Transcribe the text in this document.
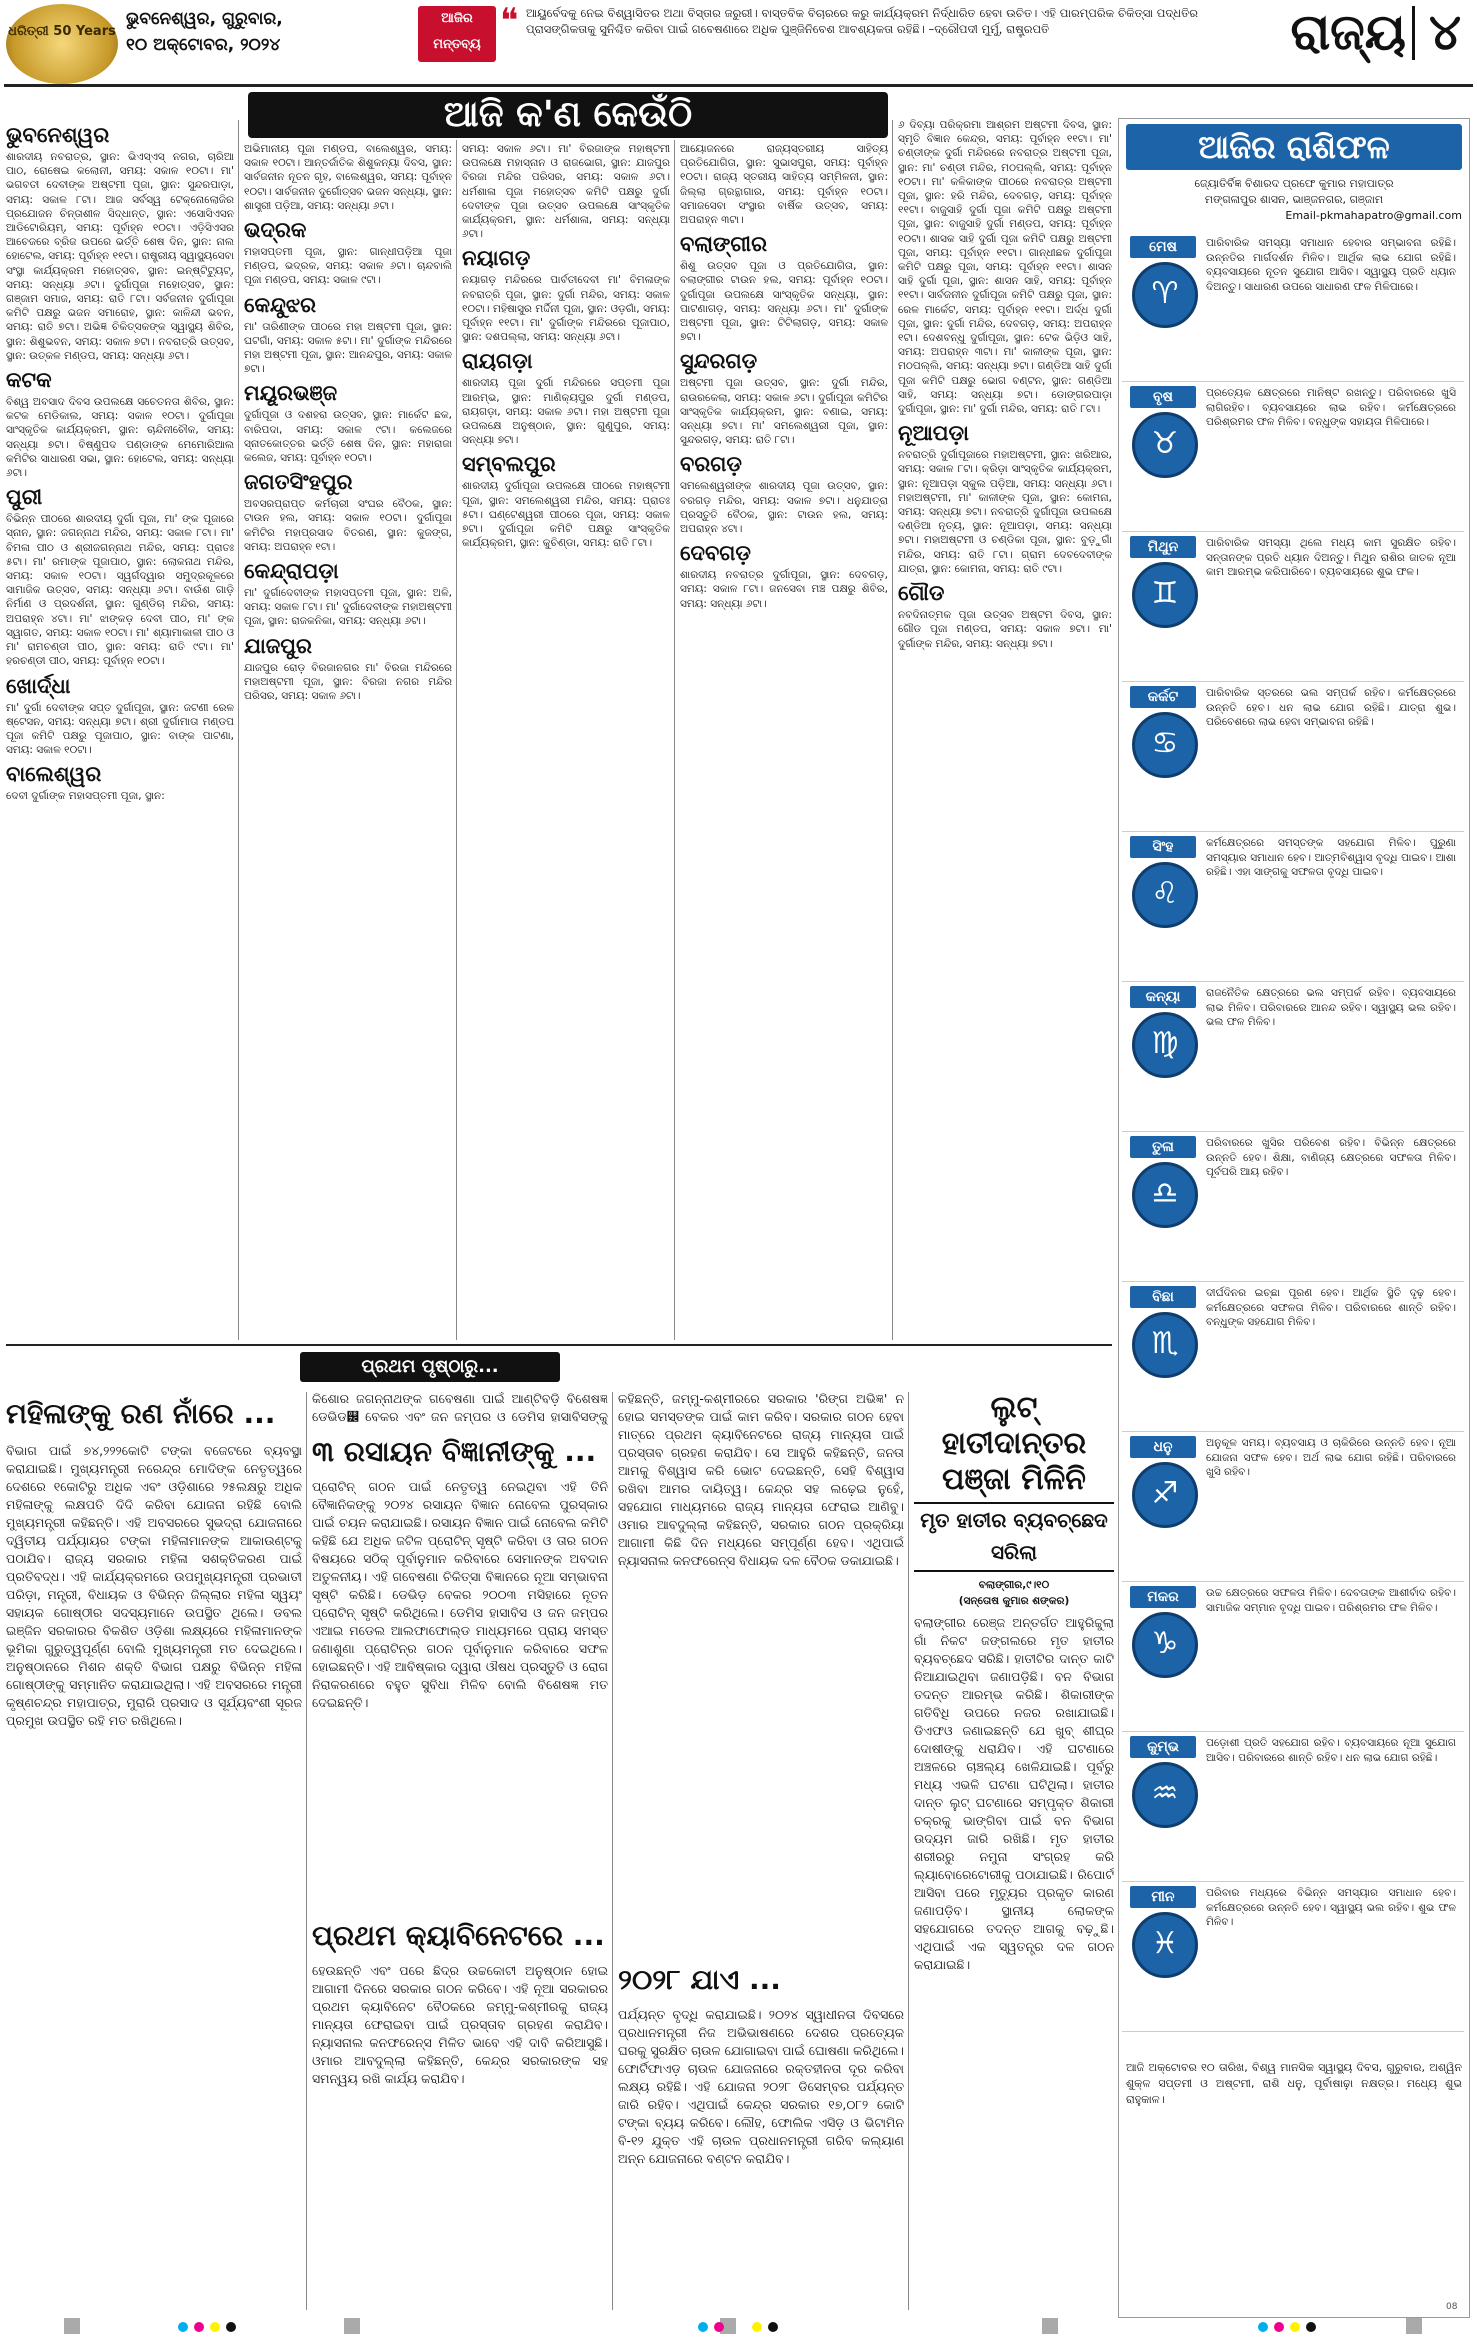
ଧରିତ୍ରୀ 50 Years
ଭୁବନେଶ୍ୱର, ଗୁରୁବାର,
୧୦ ଅକ୍ଟୋବର, ୨୦୨୪
ଆଜିର ମନ୍ତବ୍ୟ
❝ ଆୟୁର୍ବେଦକୁ ନେଇ ବିଶ୍ୱାସିତର ଅଥା ବିସ୍ତାର ଜରୁରୀ। ବାସ୍ତବିକ ବିଚାରରେ କରୁ କାର୍ଯ୍ୟକ୍ରମ ନିର୍ଦ୍ଧାରିତ ହେବା ଉଚିତ। ଏହି ପାରମ୍ପରିକ ଚିକିତ୍ସା ପଦ୍ଧତିର ପ୍ରାସଙ୍ଗିକତାକୁ ସୁନିଶ୍ଚିତ କରିବା ପାଇଁ ଗବେଷଣାରେ ଅଧିକ ପୁଞ୍ଜିନିବେଶ ଆବଶ୍ୟକତା ରହିଛି। –ଦ୍ରୌପଦୀ ମୁର୍ମୁ, ରାଷ୍ଟ୍ରପତି	ରାଜ୍ୟ ୪
ଆଜି କ'ଣ କେଉଁଠି
ଭୁବନେଶ୍ୱର

ଶାରଦୀୟ ନବରାତ୍ର, ସ୍ଥାନ: ଭିଏସ୍ଏସ୍ ନଗର, ଚାରିଆ ପାଠ, ରୋଷେଇ କଲୋନୀ, ସମୟ: ସକାଳ ୧୦ଟା। ମା' ଭଗବତୀ ଦେବୀଙ୍କ ଅଷ୍ଟମୀ ପୂଜା, ସ୍ଥାନ: ସୁନ୍ଦରପାଡ଼ା, ସମୟ: ସକାଳ ୮ଟା। ଆଜ ସର୍ବସ୍ୱ ଟେକ୍ନୋଲୋଜିର ପ୍ରଯୋଜନ ଚିନ୍ତାଶୀଳ ସିଦ୍ଧାନ୍ତ, ସ୍ଥାନ: ଏସୋସିଏସନ ଆଡିଟୋରିୟମ୍, ସମୟ: ପୂର୍ବାହ୍ନ ୧୦ଟା। ଏଡ଼ିସିଏସର ଆଚେଜରେ ବ୍ରିଜ ଉପରେ ଭର୍ତ୍ତି ଶେଷ ଦିନ, ସ୍ଥାନ: ନାଲ ହୋଟେଲ, ସମୟ: ପୂର୍ବାହ୍ନ ୧୧ଟା। ରାଷ୍ଟ୍ରୀୟ ସ୍ୱାସ୍ଥ୍ୟସେବା ସଂସ୍ଥା କାର୍ଯ୍ୟକ୍ରମ ମହୋତ୍ସବ, ସ୍ଥାନ: ଇନ୍ଷ୍ଟିଟ୍ୟୁଟ୍, ସମୟ: ସନ୍ଧ୍ୟା ୬ଟା। ଦୁର୍ଗାପୂଜା ମହୋତ୍ସବ, ସ୍ଥାନ: ଗଞ୍ଜାମ ସମାଜ, ସମୟ: ରାତି ୮ଟା। ସର୍ବଜନୀନ ଦୁର୍ଗାପୂଜା କମିଟି ପକ୍ଷରୁ ଭଜନ ସମାରୋହ, ସ୍ଥାନ: କାଳିନ୍ଦୀ ଭବନ, ସମୟ: ରାତି ୭ଟା। ଅଭିଜ୍ଞ ଚିକିତ୍ସକଙ୍କ ସ୍ୱାସ୍ଥ୍ୟ ଶିବିର, ସ୍ଥାନ: ଶିଶୁଭବନ, ସମୟ: ସକାଳ ୭ଟା। ନବରାତ୍ରି ଉତ୍ସବ, ସ୍ଥାନ: ଉତ୍କଳ ମଣ୍ଡପ, ସମୟ: ସନ୍ଧ୍ୟା ୬ଟା।

କଟକ

ବିଶ୍ୱ ଅବସାଦ ଦିବସ ଉପଲକ୍ଷେ ସଚେତନତା ଶିବିର, ସ୍ଥାନ: କଟକ ମେଡିକାଲ, ସମୟ: ସକାଳ ୧୦ଟା। ଦୁର୍ଗାପୂଜା ସାଂସ୍କୃତିକ କାର୍ଯ୍ୟକ୍ରମ, ସ୍ଥାନ: ଚାନ୍ଦିନୀଚୌକ, ସମୟ: ସନ୍ଧ୍ୟା ୭ଟା। ବିଷ୍ଣୁପଦ ପଣ୍ଡାଙ୍କ ମେମୋରିଆଲ କମିଟିର ସାଧାରଣ ସଭା, ସ୍ଥାନ: ହୋଟେଲ, ସମୟ: ସନ୍ଧ୍ୟା ୬ଟା।

ପୁରୀ

ବିଭିନ୍ନ ପୀଠରେ ଶାରଦୀୟ ଦୁର୍ଗା ପୂଜା, ମା' ଙ୍କ ପୂଜାରେ ସ୍ନାନ, ସ୍ଥାନ: ଜଗନ୍ନାଥ ମନ୍ଦିର, ସମୟ: ସକାଳ ୮ଟା। ମା' ବିମଳା ପୀଠ ଓ ଶ୍ରୀଜଗନ୍ନାଥ ମନ୍ଦିର, ସମୟ: ପ୍ରାତଃ ୫ଟା। ମା' ରମାଙ୍କ ପୂଜାପାଠ, ସ୍ଥାନ: ଲୋକନାଥ ମନ୍ଦିର, ସମୟ: ସକାଳ ୧୦ଟା। ସ୍ୱର୍ଗଦ୍ୱାର ସମୁଦ୍ରକୂଳରେ ସାମାଜିକ ଉତ୍ସବ, ସମୟ: ସନ୍ଧ୍ୟା ୬ଟା। ବାଉଁଶ ଗାଡ଼ି ନିର୍ମାଣ ଓ ପ୍ରଦର୍ଶନୀ, ସ୍ଥାନ: ଗୁଣ୍ଡିଚା ମନ୍ଦିର, ସମୟ: ଅପରାହ୍ନ ୪ଟା। ମା' ଝାଙ୍କଡ଼ ଦେବୀ ପୀଠ, ମା' ଙ୍କ ସ୍ୱାଗତ, ସମୟ: ସକାଳ ୧୦ଟା। ମା' ଶ୍ୟାମାକାଳୀ ପୀଠ ଓ ମା' ରାମଚଣ୍ଡୀ ପୀଠ, ସ୍ଥାନ: ସମୟ: ରାତି ୯ଟା। ମା' ହରଚଣ୍ଡୀ ପୀଠ, ସମୟ: ପୂର୍ବାହ୍ନ ୧୦ଟା।

ଖୋର୍ଦ୍ଧା

ମା' ଦୁର୍ଗା ଦେବୀଙ୍କ ସପ୍ତ ଦୁର୍ଗାପୂଜା, ସ୍ଥାନ: ଜଟଣୀ ରେଳ ଷ୍ଟେସନ, ସମୟ: ସନ୍ଧ୍ୟା ୭ଟା। ଶ୍ରୀ ଦୁର୍ଗାମାତା ମଣ୍ଡପ ପୂଜା କମିଟି ପକ୍ଷରୁ ପୂଜାପାଠ, ସ୍ଥାନ: ବାଙ୍କ ପାଟଣା, ସମୟ: ସକାଳ ୧୦ଟା।

ବାଲେଶ୍ୱର

ଦେବୀ ଦୁର୍ଗାଙ୍କ ମହାସପ୍ତମୀ ପୂଜା, ସ୍ଥାନ:

ଅଭିମାନୀୟ ପୂଜା ମଣ୍ଡପ, ବାଲେଶ୍ୱର, ସମୟ: ସକାଳ ୧୦ଟା। ଆନ୍ତର୍ଜାତିକ ଶିଶୁକନ୍ୟା ଦିବସ, ସ୍ଥାନ: ସାର୍ବଜନୀନ ନୂତନ ଗୃହ, ବାଲେଶ୍ୱର, ସମୟ: ପୂର୍ବାହ୍ନ ୧୦ଟା। ସାର୍ବଜନୀନ ଦୁର୍ଗୋତ୍ସବ ଭଜନ ସନ୍ଧ୍ୟା, ସ୍ଥାନ: ଶାସ୍ତ୍ରୀ ପଡ଼ିଆ, ସମୟ: ସନ୍ଧ୍ୟା ୬ଟା।

ଭଦ୍ରକ

ମହାସପ୍ତମୀ ପୂଜା, ସ୍ଥାନ: ଗାନ୍ଧୀପଡ଼ିଆ ପୂଜା ମଣ୍ଡପ, ଭଦ୍ରକ, ସମୟ: ସକାଳ ୬ଟା। ଚାନ୍ଦବାଲି ପୂଜା ମଣ୍ଡପ, ସମୟ: ସକାଳ ୯ଟା।

କେନ୍ଦୁଝର

ମା' ତାରିଣୀଙ୍କ ପୀଠରେ ମହା ଅଷ୍ଟମୀ ପୂଜା, ସ୍ଥାନ: ଘଟଗାଁ, ସମୟ: ସକାଳ ୫ଟା। ମା' ଦୁର୍ଗାଙ୍କ ମନ୍ଦିରରେ ମହା ଅଷ୍ଟମୀ ପୂଜା, ସ୍ଥାନ: ଆନନ୍ଦପୁର, ସମୟ: ସକାଳ ୭ଟା।

ମୟୂରଭଞ୍ଜ

ଦୁର୍ଗାପୂଜା ଓ ଦଶହରା ଉତ୍ସବ, ସ୍ଥାନ: ମାର୍କେଟ ଛକ, ବାରିପଦା, ସମୟ: ସକାଳ ୯ଟା। କଲେଜରେ ସ୍ନାତକୋତ୍ତର ଭର୍ତ୍ତି ଶେଷ ଦିନ, ସ୍ଥାନ: ମହାରାଜା କଲେଜ, ସମୟ: ପୂର୍ବାହ୍ନ ୧୦ଟା।

ଜଗତସିଂହପୁର

ଅବସରପ୍ରାପ୍ତ କର୍ମଚାରୀ ସଂଘର ବୈଠକ, ସ୍ଥାନ: ଟାଉନ ହଲ, ସମୟ: ସକାଳ ୧୦ଟା। ଦୁର୍ଗାପୂଜା କମିଟିର ମହାପ୍ରସାଦ ବିତରଣ, ସ୍ଥାନ: କୁଜଙ୍ଗ, ସମୟ: ଅପରାହ୍ନ ୧ଟା।

କେନ୍ଦ୍ରାପଡ଼ା

ମା' ଦୁର୍ଗାଦେବୀଙ୍କ ମହାସପ୍ତମୀ ପୂଜା, ସ୍ଥାନ: ଅଳି, ସମୟ: ସକାଳ ୮ଟା। ମା' ଦୁର୍ଗାଦେବୀଙ୍କ ମହାଅଷ୍ଟମୀ ପୂଜା, ସ୍ଥାନ: ରାଜକନିକା, ସମୟ: ସନ୍ଧ୍ୟା ୬ଟା।

ଯାଜପୁର

ଯାଜପୁର ରୋଡ଼ ବିରଜାନଗର ମା' ବିରଜା ମନ୍ଦିରରେ ମହାଅଷ୍ଟମୀ ପୂଜା, ସ୍ଥାନ: ବିରଜା ନଗର ମନ୍ଦିର ପରିସର, ସମୟ: ସକାଳ ୬ଟା।

ସମୟ: ସକାଳ ୬ଟା। ମା' ବିରଜାଙ୍କ ମହାଷ୍ଟମୀ ଉପଲକ୍ଷେ ମହାସ୍ନାନ ଓ ରାଜଭୋଗ, ସ୍ଥାନ: ଯାଜପୁର ବିରଜା ମନ୍ଦିର ପରିସର, ସମୟ: ସକାଳ ୬ଟା। ଧର୍ମଶାଳା ପୂଜା ମହୋତ୍ସବ କମିଟି ପକ୍ଷରୁ ଦୁର୍ଗା ଦେବୀଙ୍କ ପୂଜା ଉତ୍ସବ ଉପଲକ୍ଷେ ସାଂସ୍କୃତିକ କାର୍ଯ୍ୟକ୍ରମ, ସ୍ଥାନ: ଧର୍ମଶାଳା, ସମୟ: ସନ୍ଧ୍ୟା ୬ଟା।

ନୟାଗଡ଼

ନୟାଗଡ଼ ମନ୍ଦିରରେ ପାର୍ବତୀଦେବୀ ମା' ବିମଳାଙ୍କ ନବରାତ୍ରି ପୂଜା, ସ୍ଥାନ: ଦୁର୍ଗା ମନ୍ଦିର, ସମୟ: ସକାଳ ୧୦ଟା। ମହିଷାସୁର ମର୍ଦ୍ଦିନୀ ପୂଜା, ସ୍ଥାନ: ଓଡ଼ଗାଁ, ସମୟ: ପୂର୍ବାହ୍ନ ୧୧ଟା। ମା' ଦୁର୍ଗାଙ୍କ ମନ୍ଦିରରେ ପୂଜାପାଠ, ସ୍ଥାନ: ଦଶପଲ୍ଲା, ସମୟ: ସନ୍ଧ୍ୟା ୬ଟା।

ରାୟଗଡ଼ା

ଶାରଦୀୟ ପୂଜା ଦୁର୍ଗା ମନ୍ଦିରରେ ସପ୍ତମୀ ପୂଜା ଆରମ୍ଭ, ସ୍ଥାନ: ମାଣିକ୍ୟପୁର ଦୁର୍ଗା ମଣ୍ଡପ, ରାୟଗଡ଼ା, ସମୟ: ସକାଳ ୬ଟା। ମହା ଅଷ୍ଟମୀ ପୂଜା ଉପଲକ୍ଷେ ଅନୁଷ୍ଠାନ, ସ୍ଥାନ: ଗୁଣୁପୁର, ସମୟ: ସନ୍ଧ୍ୟା ୭ଟା।

ସମ୍ବଲପୁର

ଶାରଦୀୟ ଦୁର୍ଗାପୂଜା ଉପଲକ୍ଷେ ପୀଠରେ ମହାଷ୍ଟମୀ ପୂଜା, ସ୍ଥାନ: ସମଲେଶ୍ୱରୀ ମନ୍ଦିର, ସମୟ: ପ୍ରାତଃ ୫ଟା। ଘଣ୍ଟେଶ୍ୱରୀ ପୀଠରେ ପୂଜା, ସମୟ: ସକାଳ ୭ଟା। ଦୁର୍ଗାପୂଜା କମିଟି ପକ୍ଷରୁ ସାଂସ୍କୃତିକ କାର୍ଯ୍ୟକ୍ରମ, ସ୍ଥାନ: କୁଚିଣ୍ଡା, ସମୟ: ରାତି ୮ଟା।

ଆୟୋଜନରେ ରାଜ୍ୟସ୍ତରୀୟ ସାହିତ୍ୟ ପ୍ରତିଯୋଗିତା, ସ୍ଥାନ: ସୁଭାସପୁରା, ସମୟ: ପୂର୍ବାହ୍ନ ୧୦ଟା। ରାଜ୍ୟ ସ୍ତରୀୟ ସାହିତ୍ୟ ସମ୍ମିଳନୀ, ସ୍ଥାନ: ଜିଲ୍ଲା ଗ୍ରନ୍ଥାଗାର, ସମୟ: ପୂର୍ବାହ୍ନ ୧୦ଟା। ସମାଜସେବା ସଂସ୍ଥାର ବାର୍ଷିକ ଉତ୍ସବ, ସମୟ: ଅପରାହ୍ନ ୩ଟା।

ବଲାଙ୍ଗୀର

ଶିଶୁ ଉତ୍ସବ ପୂଜା ଓ ପ୍ରତିଯୋଗିତା, ସ୍ଥାନ: ବଲାଙ୍ଗୀର ଟାଉନ ହଲ, ସମୟ: ପୂର୍ବାହ୍ନ ୧୦ଟା। ଦୁର୍ଗାପୂଜା ଉପଲକ୍ଷେ ସାଂସ୍କୃତିକ ସନ୍ଧ୍ୟା, ସ୍ଥାନ: ପାଟଣାଗଡ଼, ସମୟ: ସନ୍ଧ୍ୟା ୬ଟା। ମା' ଦୁର୍ଗାଙ୍କ ଅଷ୍ଟମୀ ପୂଜା, ସ୍ଥାନ: ଟିଟିଲାଗଡ଼, ସମୟ: ସକାଳ ୭ଟା।

ସୁନ୍ଦରଗଡ଼

ଅଷ୍ଟମୀ ପୂଜା ଉତ୍ସବ, ସ୍ଥାନ: ଦୁର୍ଗା ମନ୍ଦିର, ରାଉରକେଲା, ସମୟ: ସକାଳ ୬ଟା। ଦୁର୍ଗାପୂଜା କମିଟିର ସାଂସ୍କୃତିକ କାର୍ଯ୍ୟକ୍ରମ, ସ୍ଥାନ: ବଣାଇ, ସମୟ: ସନ୍ଧ୍ୟା ୭ଟା। ମା' ସମଲେଶ୍ୱରୀ ପୂଜା, ସ୍ଥାନ: ସୁନ୍ଦରଗଡ଼, ସମୟ: ରାତି ୮ଟା।

ବରଗଡ଼

ସମଲେଶ୍ୱରୀଙ୍କ ଶାରଦୀୟ ପୂଜା ଉତ୍ସବ, ସ୍ଥାନ: ବରଗଡ଼ ମନ୍ଦିର, ସମୟ: ସକାଳ ୭ଟା। ଧନୁଯାତ୍ରା ପ୍ରସ୍ତୁତି ବୈଠକ, ସ୍ଥାନ: ଟାଉନ ହଲ, ସମୟ: ଅପରାହ୍ନ ୪ଟା।

ଦେବଗଡ଼

ଶାରଦୀୟ ନବରାତ୍ର ଦୁର୍ଗାପୂଜା, ସ୍ଥାନ: ଦେବଗଡ଼, ସମୟ: ସକାଳ ୮ଟା। ଜନସେବା ମଞ୍ଚ ପକ୍ଷରୁ ଶିବିର, ସମୟ: ସନ୍ଧ୍ୟା ୬ଟା।

୬ ଦିବ୍ୟା ପରିକ୍ରମା ଆଶ୍ରମ ଅଷ୍ଟମୀ ଦିବସ, ସ୍ଥାନ: ସ୍ମୃତି ବିଜ୍ଞାନ କେନ୍ଦ୍ର, ସମୟ: ପୂର୍ବାହ୍ନ ୧୧ଟା। ମା' ଚଣ୍ଡୀଙ୍କ ଦୁର୍ଗା ମନ୍ଦିରରେ ନବରାତ୍ର ଅଷ୍ଟମୀ ପୂଜା, ସ୍ଥାନ: ମା' ଚଣ୍ଡୀ ମନ୍ଦିର, ମଠପଲ୍ଲି, ସମୟ: ପୂର୍ବାହ୍ନ ୧୦ଟା। ମା' କଳିକାଙ୍କ ପୀଠରେ ନବରାତ୍ର ଅଷ୍ଟମୀ ପୂଜା, ସ୍ଥାନ: ହରି ମନ୍ଦିର, ଦେବଗଡ଼, ସମୟ: ପୂର୍ବାହ୍ନ ୧୧ଟା। ବାଜୁସାହି ଦୁର୍ଗା ପୂଜା କମିଟି ପକ୍ଷରୁ ଅଷ୍ଟମୀ ପୂଜା, ସ୍ଥାନ: ବାଜୁସାହି ଦୁର୍ଗା ମଣ୍ଡପ, ସମୟ: ପୂର୍ବାହ୍ନ ୧୦ଟା। ଶାସକ ସାହି ଦୁର୍ଗା ପୂଜା କମିଟି ପକ୍ଷରୁ ଅଷ୍ଟମୀ ପୂଜା, ସମୟ: ପୂର୍ବାହ୍ନ ୧୧ଟା। ଗାନ୍ଧୀଛକ ଦୁର୍ଗାପୂଜା କମିଟି ପକ୍ଷରୁ ପୂଜା, ସମୟ: ପୂର୍ବାହ୍ନ ୧୧ଟା। ଶାସନ ସାହି ଦୁର୍ଗା ପୂଜା, ସ୍ଥାନ: ଶାସନ ସାହି, ସମୟ: ପୂର୍ବାହ୍ନ ୧୧ଟା। ସାର୍ବଜନୀନ ଦୁର୍ଗାପୂଜା କମିଟି ପକ୍ଷରୁ ପୂଜା, ସ୍ଥାନ: ରେଳ ମାର୍କେଟ, ସମୟ: ପୂର୍ବାହ୍ନ ୧୧ଟା। ଅର୍ଦ୍ଧ ଦୁର୍ଗା ପୂଜା, ସ୍ଥାନ: ଦୁର୍ଗା ମନ୍ଦିର, ଦେବଗଡ଼, ସମୟ: ଅପରାହ୍ନ ୧ଟା। ଦେଶବନ୍ଧୁ ଦୁର୍ଗାପୂଜା, ସ୍ଥାନ: ଟେକ ଭିଡ଼ିଓ ସାହି, ସମୟ: ଅପରାହ୍ନ ୩ଟା। ମା' କାଳୀଙ୍କ ପୂଜା, ସ୍ଥାନ: ମଠପଲ୍ଲି, ସମୟ: ସନ୍ଧ୍ୟା ୭ଟା। ଗଣ୍ଡିଆ ସାହି ଦୁର୍ଗା ପୂଜା କମିଟି ପକ୍ଷରୁ ଭୋଗ ବଣ୍ଟନ, ସ୍ଥାନ: ଗଣ୍ଡିଆ ସାହି, ସମୟ: ସନ୍ଧ୍ୟା ୭ଟା। ଡୋଙ୍ଗରପାଡ଼ା ଦୁର୍ଗାପୂଜା, ସ୍ଥାନ: ମା' ଦୁର୍ଗା ମନ୍ଦିର, ସମୟ: ରାତି ୮ଟା।

ନୂଆପଡ଼ା

ନବରାତ୍ରି ଦୁର୍ଗାପୂଜାରେ ମହାଅଷ୍ଟମୀ, ସ୍ଥାନ: ଖରିଆର, ସମୟ: ସକାଳ ୮ଟା। କ୍ରିଡ଼ା ସାଂସ୍କୃତିକ କାର୍ଯ୍ୟକ୍ରମ, ସ୍ଥାନ: ନୂଆପଡ଼ା ସ୍କୁଲ ପଡ଼ିଆ, ସମୟ: ସନ୍ଧ୍ୟା ୬ଟା। ମହାଅଷ୍ଟମୀ, ମା' କାଳୀଙ୍କ ପୂଜା, ସ୍ଥାନ: କୋମନା, ସମୟ: ସନ୍ଧ୍ୟା ୭ଟା। ନବରାତ୍ରି ଦୁର୍ଗାପୂଜା ଉପଲକ୍ଷେ ଦଣ୍ଡିଆ ନୃତ୍ୟ, ସ୍ଥାନ: ନୂଆପଡ଼ା, ସମୟ: ସନ୍ଧ୍ୟା ୭ଟା। ମହାଅଷ୍ଟମୀ ଓ ଚଣ୍ଡିକା ପୂଜା, ସ୍ଥାନ: ବୁଡ଼ୁଗାଁ ମନ୍ଦିର, ସମୟ: ରାତି ୮ଟା। ଗ୍ରାମ ଦେବଦେବୀଙ୍କ ଯାତ୍ରା, ସ୍ଥାନ: କୋମନା, ସମୟ: ରାତି ୯ଟା।

ଗୌଡ

ନବଦିନାତ୍ମକ ପୂଜା ଉତ୍ସବ ଅଷ୍ଟମ ଦିବସ, ସ୍ଥାନ: ଗୌଡ ପୂଜା ମଣ୍ଡପ, ସମୟ: ସକାଳ ୭ଟା। ମା' ଦୁର୍ଗାଙ୍କ ମନ୍ଦିର, ସମୟ: ସନ୍ଧ୍ୟା ୭ଟା।

ଆଜିର ରାଶିଫଳ
ଜ୍ୟୋତିର୍ବିଜ୍ଞ ବିଶାରଦ ପ୍ରଫେ କୁମାର ମହାପାତ୍ର
ମଙ୍ଗଳାପୁର ଶାସନ, ଭାଞ୍ଜନଗର, ଗଞ୍ଜାମ
Email-pkmahapatro@gmail.com
ମେଷ
♈
ପାରିବାରିକ ସମସ୍ୟା ସମାଧାନ ହେବାର ସମ୍ଭାବନା ରହିଛି। ଉନ୍ନତିର ମାର୍ଗଦର୍ଶନ ମିଳିବ। ଆର୍ଥିକ ଲାଭ ଯୋଗ ରହିଛି। ବ୍ୟବସାୟରେ ନୂତନ ସୁଯୋଗ ଆସିବ। ସ୍ୱାସ୍ଥ୍ୟ ପ୍ରତି ଧ୍ୟାନ ଦିଅନ୍ତୁ। ସାଧାରଣ ଉପରେ ସାଧାରଣ ଫଳ ମିଳିପାରେ।
ବୃଷ
♉
ପ୍ରତ୍ୟେକ କ୍ଷେତ୍ରରେ ମାନିଷ୍ଟ ରଖନ୍ତୁ। ପରିବାରରେ ଖୁସି ଲାଗିରହିବ। ବ୍ୟବସାୟରେ ଲାଭ ରହିବ। କର୍ମକ୍ଷେତ୍ରରେ ପରିଶ୍ରମର ଫଳ ମିଳିବ। ବନ୍ଧୁଙ୍କ ସହାୟତା ମିଳିପାରେ।
ମିଥୁନ
♊
ପାରିବାରିକ ସମସ୍ୟା ଥିଲେ ମଧ୍ୟ କାମ ସୁରକ୍ଷିତ ରହିବ। ସନ୍ତାନଙ୍କ ପ୍ରତି ଧ୍ୟାନ ଦିଅନ୍ତୁ। ମିଥୁନ ରାଶିର ଜାତକ ନୂଆ କାମ ଆରମ୍ଭ କରିପାରିବେ। ବ୍ୟବସାୟରେ ଶୁଭ ଫଳ।
କର୍କଟ
♋
ପାରିବାରିକ ସ୍ତରରେ ଭଲ ସମ୍ପର୍କ ରହିବ। କର୍ମକ୍ଷେତ୍ରରେ ଉନ୍ନତି ହେବ। ଧନ ଲାଭ ଯୋଗ ରହିଛି। ଯାତ୍ରା ଶୁଭ। ପରିବେଶରେ ଲାଭ ହେବା ସମ୍ଭାବନା ରହିଛି।
ସିଂହ
♌
କର୍ମକ୍ଷେତ୍ରରେ ସମସ୍ତଙ୍କ ସହଯୋଗ ମିଳିବ। ପୁରୁଣା ସମସ୍ୟାର ସମାଧାନ ହେବ। ଆତ୍ମବିଶ୍ୱାସ ବୃଦ୍ଧି ପାଇବ। ଆଶା ରହିଛି। ଏହା ସାଙ୍ଗକୁ ସଫଳତା ବୃଦ୍ଧି ପାଇବ।
କନ୍ୟା
♍
ରାଜନୈତିକ କ୍ଷେତ୍ରରେ ଭଲ ସମ୍ପର୍କ ରହିବ। ବ୍ୟବସାୟରେ ଲାଭ ମିଳିବ। ପରିବାରରେ ଆନନ୍ଦ ରହିବ। ସ୍ୱାସ୍ଥ୍ୟ ଭଲ ରହିବ। ଭଲ ଫଳ ମିଳିବ।
ତୁଳା
♎
ପରିବାରରେ ଖୁସିର ପରିବେଶ ରହିବ। ବିଭିନ୍ନ କ୍ଷେତ୍ରରେ ଉନ୍ନତି ହେବ। ଶିକ୍ଷା, ବାଣିଜ୍ୟ କ୍ଷେତ୍ରରେ ସଫଳତା ମିଳିବ। ପୂର୍ବପରି ଆୟ ରହିବ।
ବିଛା
♏
ଦୀର୍ଘଦିନର ଇଚ୍ଛା ପୂରଣ ହେବ। ଆର୍ଥିକ ସ୍ଥିତି ଦୃଢ଼ ହେବ। କର୍ମକ୍ଷେତ୍ରରେ ସଫଳତା ମିଳିବ। ପରିବାରରେ ଶାନ୍ତି ରହିବ। ବନ୍ଧୁଙ୍କ ସହଯୋଗ ମିଳିବ।
ଧନୁ
♐
ଅନୁକୂଳ ସମୟ। ବ୍ୟବସାୟ ଓ ଚାକିରିରେ ଉନ୍ନତି ହେବ। ନୂଆ ଯୋଜନା ସଫଳ ହେବ। ଅର୍ଥ ଲାଭ ଯୋଗ ରହିଛି। ପରିବାରରେ ଖୁସି ରହିବ।
ମକର
♑
ଉଚ୍ଚ କ୍ଷେତ୍ରରେ ସଫଳତା ମିଳିବ। ଦେବତାଙ୍କ ଆଶୀର୍ବାଦ ରହିବ। ସାମାଜିକ ସମ୍ମାନ ବୃଦ୍ଧି ପାଇବ। ପରିଶ୍ରମର ଫଳ ମିଳିବ।
କୁମ୍ଭ
♒
ପଡ଼ୋଶୀ ପ୍ରତି ସହଯୋଗ ରହିବ। ବ୍ୟବସାୟରେ ନୂଆ ସୁଯୋଗ ଆସିବ। ପରିବାରରେ ଶାନ୍ତି ରହିବ। ଧନ ଲାଭ ଯୋଗ ରହିଛି।
ମୀନ
♓
ପରିବାର ମଧ୍ୟରେ ବିଭିନ୍ନ ସମସ୍ୟାର ସମାଧାନ ହେବ। କର୍ମକ୍ଷେତ୍ରରେ ଉନ୍ନତି ହେବ। ସ୍ୱାସ୍ଥ୍ୟ ଭଲ ରହିବ। ଶୁଭ ଫଳ ମିଳିବ।
ଆଜି ଅକ୍ଟୋବର ୧୦ ତାରିଖ, ବିଶ୍ୱ ମାନସିକ ସ୍ୱାସ୍ଥ୍ୟ ଦିବସ, ଗୁରୁବାର, ଅଶ୍ୱିନ ଶୁକ୍ଳ ସପ୍ତମୀ ଓ ଅଷ୍ଟମୀ, ରାଶି ଧନୁ, ପୂର୍ବାଷାଢ଼ା ନକ୍ଷତ୍ର। ମଧ୍ୟେ ଶୁଭ ରାହୁକାଳ।
ପ୍ରଥମ ପୃଷ୍ଠାରୁ...
ମହିଳାଙ୍କୁ ରଣ ନାଁରେ ...
ବିଭାଗ ପାଇଁ ୭୪,୨୨୨କୋଟି ଟଙ୍କା ବଜେଟରେ ବ୍ୟବସ୍ଥା କରାଯାଇଛି। ମୁଖ୍ୟମନ୍ତ୍ରୀ ନରେନ୍ଦ୍ର ମୋଦିଙ୍କ ନେତୃତ୍ୱରେ ଦେଶରେ ୧କୋଟିରୁ ଅଧିକ ଏବଂ ଓଡ଼ିଶାରେ ୨୫ଲକ୍ଷରୁ ଅଧିକ ମହିଳାଙ୍କୁ ଲକ୍ଷପତି ଦିଦି କରିବା ଯୋଜନା ରହିଛି ବୋଲି ମୁଖ୍ୟମନ୍ତ୍ରୀ କହିଛନ୍ତି। ଏହି ଅବସରରେ ସୁଭଦ୍ରା ଯୋଜନାରେ ଦ୍ୱିତୀୟ ପର୍ଯ୍ୟାୟର ଟଙ୍କା ମହିଳାମାନଙ୍କ ଆକାଉଣ୍ଟକୁ ପଠାଯିବ। ରାଜ୍ୟ ସରକାର ମହିଳା ସଶକ୍ତିକରଣ ପାଇଁ ପ୍ରତିବଦ୍ଧ। ଏହି କାର୍ଯ୍ୟକ୍ରମରେ ଉପମୁଖ୍ୟମନ୍ତ୍ରୀ ପ୍ରଭାତୀ ପରିଡ଼ା, ମନ୍ତ୍ରୀ, ବିଧାୟକ ଓ ବିଭିନ୍ନ ଜିଲ୍ଲାର ମହିଳା ସ୍ୱୟଂ ସହାୟକ ଗୋଷ୍ଠୀର ସଦସ୍ୟମାନେ ଉପସ୍ଥିତ ଥିଲେ। ଡବଲ ଇଞ୍ଜିନ ସରକାରର ବିକଶିତ ଓଡ଼ିଶା ଲକ୍ଷ୍ୟରେ ମହିଳାମାନଙ୍କ ଭୂମିକା ଗୁରୁତ୍ୱପୂର୍ଣ୍ଣ ବୋଲି ମୁଖ୍ୟମନ୍ତ୍ରୀ ମତ ଦେଇଥିଲେ। ଅନୁଷ୍ଠାନରେ ମିଶନ ଶକ୍ତି ବିଭାଗ ପକ୍ଷରୁ ବିଭିନ୍ନ ମହିଳା ଗୋଷ୍ଠୀଙ୍କୁ ସମ୍ମାନିତ କରାଯାଇଥିଲା। ଏହି ଅବସରରେ ମନ୍ତ୍ରୀ କୃଷ୍ଣଚନ୍ଦ୍ର ମହାପାତ୍ର, ମୁରାରି ପ୍ରସାଦ ଓ ସୂର୍ଯ୍ୟବଂଶୀ ସୂରଜ ପ୍ରମୁଖ ଉପସ୍ଥିତ ରହି ମତ ରଖିଥିଲେ।
କିଶୋର ଜଗନ୍ନାଥଙ୍କ ଗବେଷଣା ପାଇଁ ଆଣ୍ଟିବଡ଼ି ବିଶେଷଜ୍ଞ ଡେଭିଡ୼ ବେକର ଏବଂ ଜନ ଜମ୍ପର ଓ ଡେମିସ ହାସାବିସଙ୍କୁ
୩ ରସାୟନ ବିଜ୍ଞାନୀଙ୍କୁ ...
ପ୍ରୋଟିନ୍ ଗଠନ ପାଇଁ ନେତୃତ୍ୱ ନେଇଥିବା ଏହି ତିନି ବୈଜ୍ଞାନିକଙ୍କୁ ୨୦୨୪ ରସାୟନ ବିଜ୍ଞାନ ନୋବେଲ ପୁରସ୍କାର ପାଇଁ ଚୟନ କରାଯାଇଛି। ରସାୟନ ବିଜ୍ଞାନ ପାଇଁ ନୋବେଲ କମିଟି କହିଛି ଯେ ଅଧିକ ଜଟିଳ ପ୍ରୋଟିନ୍ ସୃଷ୍ଟି କରିବା ଓ ତାର ଗଠନ ବିଷୟରେ ସଠିକ୍ ପୂର୍ବାନୁମାନ କରିବାରେ ସେମାନଙ୍କ ଅବଦାନ ଅତୁଳନୀୟ। ଏହି ଗବେଷଣା ଚିକିତ୍ସା ବିଜ୍ଞାନରେ ନୂଆ ସମ୍ଭାବନା ସୃଷ୍ଟି କରିଛି। ଡେଭିଡ଼ ବେକର ୨୦୦୩ ମସିହାରେ ନୂତନ ପ୍ରୋଟିନ୍ ସୃଷ୍ଟି କରିଥିଲେ। ଡେମିସ ହାସାବିସ ଓ ଜନ ଜମ୍ପର ଏଆଇ ମଡେଲ ଆଲଫାଫୋଲ୍ଡ ମାଧ୍ୟମରେ ପ୍ରାୟ ସମସ୍ତ ଜଣାଶୁଣା ପ୍ରୋଟିନ୍ର ଗଠନ ପୂର୍ବାନୁମାନ କରିବାରେ ସଫଳ ହୋଇଛନ୍ତି। ଏହି ଆବିଷ୍କାର ଦ୍ୱାରା ଔଷଧ ପ୍ରସ୍ତୁତି ଓ ରୋଗ ନିରାକରଣରେ ବହୁତ ସୁବିଧା ମିଳିବ ବୋଲି ବିଶେଷଜ୍ଞ ମତ ଦେଇଛନ୍ତି।
ପ୍ରଥମ କ୍ୟାବିନେଟରେ ...
ହେଉଛନ୍ତି ଏବଂ ପରେ ଛିଦ୍ର ଉଚ୍ଚକୋଟୀ ଅନୁଷ୍ଠାନ ହୋଇ ଆଗାମୀ ଦିନରେ ସରକାର ଗଠନ କରିବେ। ଏହି ନୂଆ ସରକାରର ପ୍ରଥମ କ୍ୟାବିନେଟ ବୈଠକରେ ଜମ୍ମୁ-କଶ୍ମୀରକୁ ରାଜ୍ୟ ମାନ୍ୟତା ଫେରାଇବା ପାଇଁ ପ୍ରସ୍ତାବ ଗ୍ରହଣ କରାଯିବ। ନ୍ୟାସନାଲ କନଫରେନ୍ସ ମିଳିତ ଭାବେ ଏହି ଦାବି କରିଆସୁଛି। ଓମାର ଆବଦୁଲ୍ଲା କହିଛନ୍ତି, କେନ୍ଦ୍ର ସରକାରଙ୍କ ସହ ସମନ୍ୱୟ ରଖି କାର୍ଯ୍ୟ କରାଯିବ।
କହିଛନ୍ତି, ଜମ୍ମୁ-କଶ୍ମୀରରେ ସରକାର 'ରିଙ୍ଗ ଅଭିଜ୍ଞ' ନ ହୋଇ ସମସ୍ତଙ୍କ ପାଇଁ କାମ କରିବ। ସରକାର ଗଠନ ହେବା ମାତ୍ରେ ପ୍ରଥମ କ୍ୟାବିନେଟରେ ରାଜ୍ୟ ମାନ୍ୟତା ପାଇଁ ପ୍ରସ୍ତାବ ଗ୍ରହଣ କରାଯିବ। ସେ ଆହୁରି କହିଛନ୍ତି, ଜନତା ଆମକୁ ବିଶ୍ୱାସ କରି ଭୋଟ ଦେଇଛନ୍ତି, ସେହି ବିଶ୍ୱାସ ରଖିବା ଆମର ଦାୟିତ୍ୱ। କେନ୍ଦ୍ର ସହ ଲଢ଼େଇ ନୁହେଁ, ସହଯୋଗ ମାଧ୍ୟମରେ ରାଜ୍ୟ ମାନ୍ୟତା ଫେରାଇ ଆଣିବୁ। ଓମାର ଆବଦୁଲ୍ଲା କହିଛନ୍ତି, ସରକାର ଗଠନ ପ୍ରକ୍ରିୟା ଆଗାମୀ କିଛି ଦିନ ମଧ୍ୟରେ ସମ୍ପୂର୍ଣ୍ଣ ହେବ। ଏଥିପାଇଁ ନ୍ୟାସନାଲ କନଫରେନ୍ସ ବିଧାୟକ ଦଳ ବୈଠକ ଡକାଯାଇଛି।
୨୦୨୮ ଯାଏ ...
ପର୍ଯ୍ୟନ୍ତ ବୃଦ୍ଧି କରାଯାଇଛି। ୨୦୨୪ ସ୍ୱାଧୀନତା ଦିବସରେ ପ୍ରଧାନମନ୍ତ୍ରୀ ନିଜ ଅଭିଭାଷଣରେ ଦେଶର ପ୍ରତ୍ୟେକ ଘରକୁ ସୁରକ୍ଷିତ ଚାଉଳ ଯୋଗାଇବା ପାଇଁ ଘୋଷଣା କରିଥିଲେ। ଫୋର୍ଟିଫାଏଡ଼ ଚାଉଳ ଯୋଜନାରେ ରକ୍ତହୀନତା ଦୂର କରିବା ଲକ୍ଷ୍ୟ ରହିଛି। ଏହି ଯୋଜନା ୨୦୨୮ ଡିସେମ୍ବର ପର୍ଯ୍ୟନ୍ତ ଜାରି ରହିବ। ଏଥିପାଇଁ କେନ୍ଦ୍ର ସରକାର ୧୭,୦୮୨ କୋଟି ଟଙ୍କା ବ୍ୟୟ କରିବେ। ଲୌହ, ଫୋଲିକ ଏସିଡ଼ ଓ ଭିଟାମିନ ବି-୧୨ ଯୁକ୍ତ ଏହି ଚାଉଳ ପ୍ରଧାନମନ୍ତ୍ରୀ ଗରିବ କଲ୍ୟାଣ ଅନ୍ନ ଯୋଜନାରେ ବଣ୍ଟନ କରାଯିବ।
ଲୁଟ୍ ହାତୀଦାନ୍ତର ପଞ୍ଜା ମିଳିନି
ମୃତ ହାତୀର ବ୍ୟବଚ୍ଛେଦ ସରିଲା
ବଲାଙ୍ଗୀର,୯।୧୦
(ସନ୍ତୋଷ କୁମାର ଶଙ୍କର)
ବଲାଙ୍ଗୀର ରେଞ୍ଜ ଅନ୍ତର୍ଗତ ଆହୁରିଚ୍ଚୁଲା ଗାଁ ନିକଟ ଜଙ୍ଗଲରେ ମୃତ ହାତୀର ବ୍ୟବଚ୍ଛେଦ ସରିଛି। ହାତୀଟିର ଦାନ୍ତ କାଟି ନିଆଯାଇଥିବା ଜଣାପଡ଼ିଛି। ବନ ବିଭାଗ ତଦନ୍ତ ଆରମ୍ଭ କରିଛି। ଶିକାରୀଙ୍କ ଗତିବିଧି ଉପରେ ନଜର ରଖାଯାଇଛି। ଡିଏଫଓ ଜଣାଇଛନ୍ତି ଯେ ଖୁବ୍ ଶୀଘ୍ର ଦୋଷୀଙ୍କୁ ଧରାଯିବ। ଏହି ଘଟଣାରେ ଅଞ୍ଚଳରେ ଚାଞ୍ଚଲ୍ୟ ଖେଳିଯାଇଛି। ପୂର୍ବରୁ ମଧ୍ୟ ଏଭଳି ଘଟଣା ଘଟିଥିଲା। ହାତୀର ଦାନ୍ତ ଲୁଟ୍ ଘଟଣାରେ ସମ୍ପୃକ୍ତ ଶିକାରୀ ଚକ୍ରକୁ ଭାଙ୍ଗିବା ପାଇଁ ବନ ବିଭାଗ ଉଦ୍ୟମ ଜାରି ରଖିଛି। ମୃତ ହାତୀର ଶରୀରରୁ ନମୁନା ସଂଗ୍ରହ କରି ଲ୍ୟାବୋରେଟୋରୀକୁ ପଠାଯାଇଛି। ରିପୋର୍ଟ ଆସିବା ପରେ ମୃତ୍ୟୁର ପ୍ରକୃତ କାରଣ ଜଣାପଡ଼ିବ। ସ୍ଥାନୀୟ ଲୋକଙ୍କ ସହଯୋଗରେ ତଦନ୍ତ ଆଗକୁ ବଢ଼ୁଛି। ଏଥିପାଇଁ ଏକ ସ୍ୱତନ୍ତ୍ର ଦଳ ଗଠନ କରାଯାଇଛି।
08
